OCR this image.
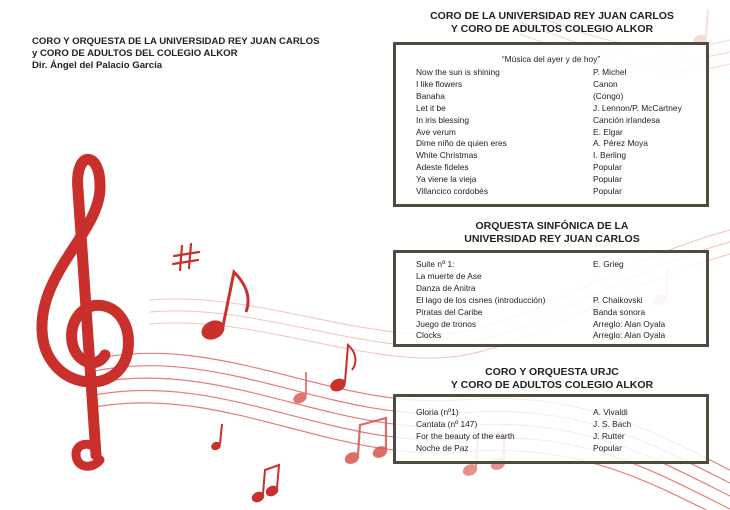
CORO Y ORQUESTA DE LA UNIVERSIDAD REY JUAN CARLOS
y CORO DE ADULTOS DEL COLEGIO ALKOR
Dir. Ángel del Palacio García
CORO DE LA UNIVERSIDAD REY JUAN CARLOS
Y CORO DE ADULTOS COLEGIO ALKOR
“Música del ayer y de hoy”
Now the sun is shining	P. Michel
I like flowers	Canon
Banaha	(Congo)
Let it be	J. Lennon/P. McCartney
In iris blessing	Canción irlandesa
Ave verum	E. Elgar
Dime niño de quien eres	A. Pérez Moya
White Christmas	I. Berling
Adeste fideles	Popular
Ya viene la vieja	Popular
Villancico cordobés	Popular
ORQUESTA SINFÓNICA DE LA
UNIVERSIDAD REY JUAN CARLOS
Suite nº 1:	E. Grieg
La muerte de Ase
Danza de Anitra
El lago de los cisnes (introducción)	P. Chaikovski
Piratas del Caribe	Banda sonora
Juego de tronos	Arreglo: Alan Oyala
Clocks	Arreglo: Alan Oyala
CORO Y ORQUESTA URJC
Y CORO DE ADULTOS COLEGIO ALKOR
Gloria (nº1)	A. Vivaldi
Cantata (nº 147)	J. S. Bach
For the beauty of the earth	J. Rutter
Noche de Paz	Popular
